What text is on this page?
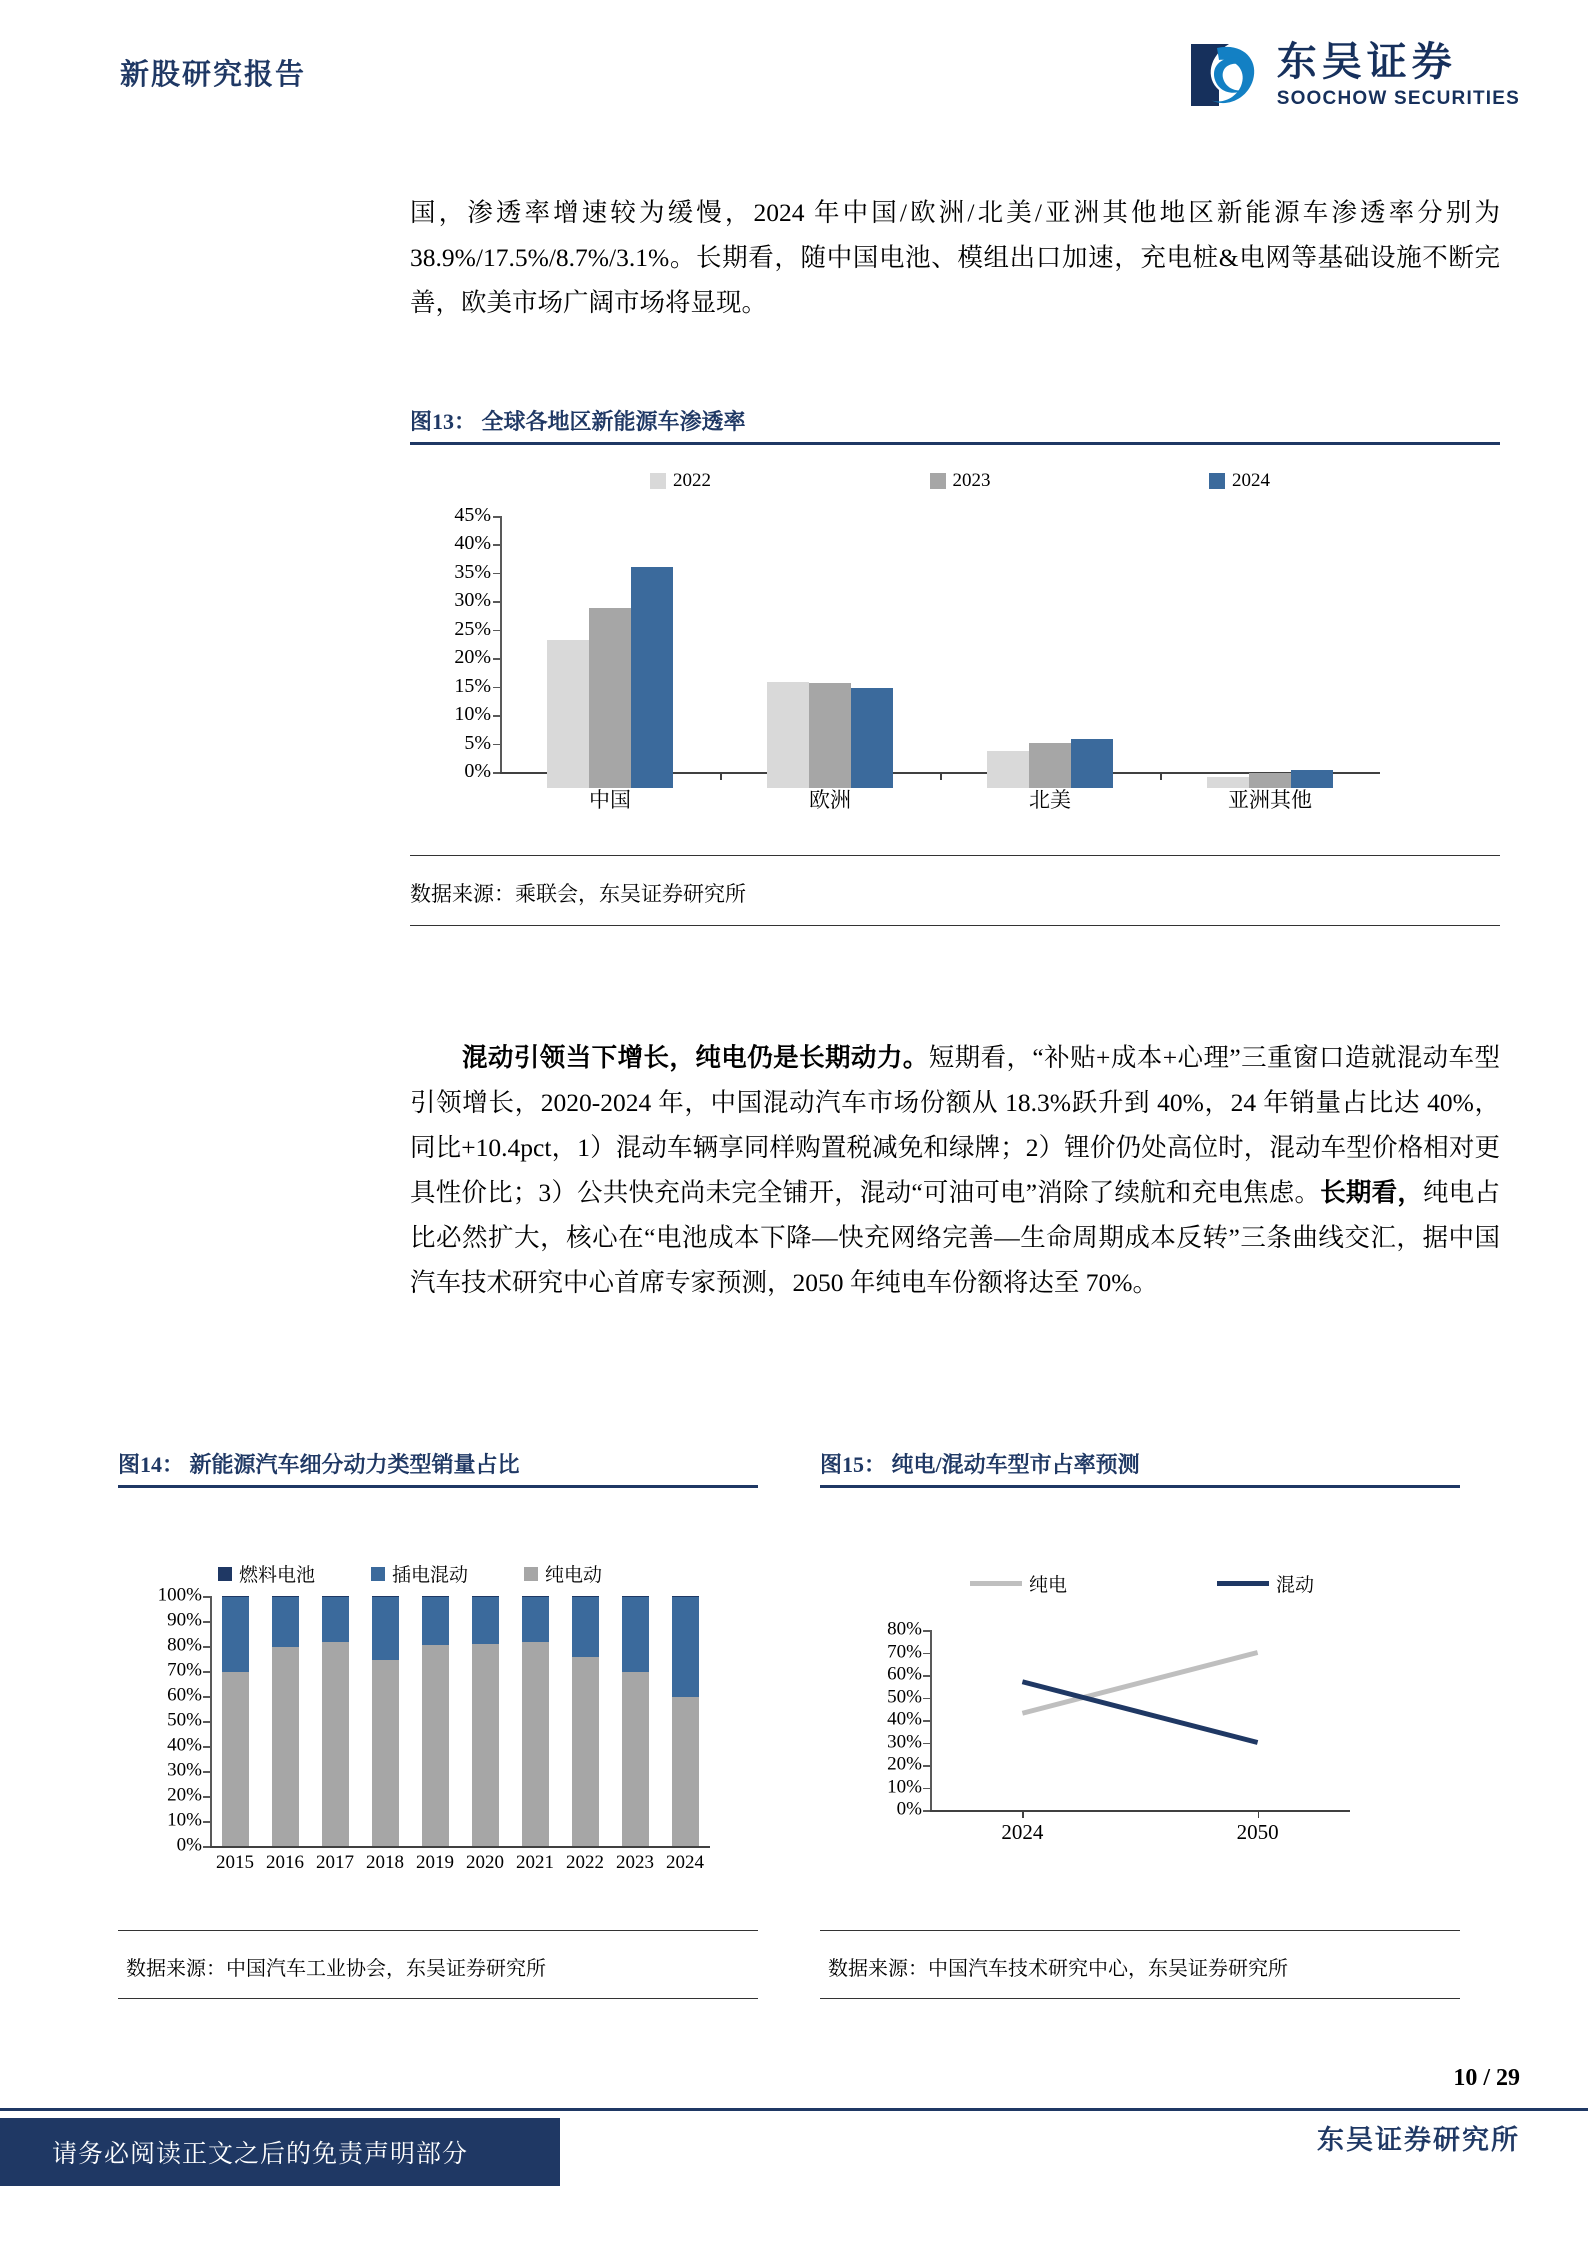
新股研究报告	东吴证券
SOOCHOW SECURITIES
国，渗透率增速较为缓慢，2024 年中国/欧洲/北美/亚洲其他地区新能源车渗透率分别为 38.9%/17.5%/8.7%/3.1%。长期看，随中国电池、模组出口加速，充电桩&电网等基础设施不断完善，欧美市场广阔市场将显现。
图13： 全球各地区新能源车渗透率
2022	2023	2024
45%
40%
35%
30%
25%
20%
15%
10%
5%
0%
中国	欧洲	北美	亚洲其他
数据来源：乘联会，东吴证券研究所
混动引领当下增长，纯电仍是长期动力。短期看，“补贴+成本+心理”三重窗口造就混动车型引领增长，2020-2024 年，中国混动汽车市场份额从 18.3%跃升到 40%，24 年销量占比达 40%，同比+10.4pct，1）混动车辆享同样购置税减免和绿牌；2）锂价仍处高位时，混动车型价格相对更具性价比；3）公共快充尚未完全铺开，混动“可油可电”消除了续航和充电焦虑。长期看，纯电占比必然扩大，核心在“电池成本下降—快充网络完善—生命周期成本反转”三条曲线交汇，据中国汽车技术研究中心首席专家预测，2050 年纯电车份额将达至 70%。
图14： 新能源汽车细分动力类型销量占比
燃料电池	插电混动	纯电动
100%
90%
80%
70%
60%
50%
40%
30%
20%
10%
0%
2015 2016 2017 2018 2019 2020 2021 2022 2023 2024
数据来源：中国汽车工业协会，东吴证券研究所
图15： 纯电/混动车型市占率预测
纯电	混动
80%
70%
60%
50%
40%
30%
20%
10%
0%
2024	2050
数据来源：中国汽车技术研究中心，东吴证券研究所
10 / 29
东吴证券研究所
请务必阅读正文之后的免责声明部分
